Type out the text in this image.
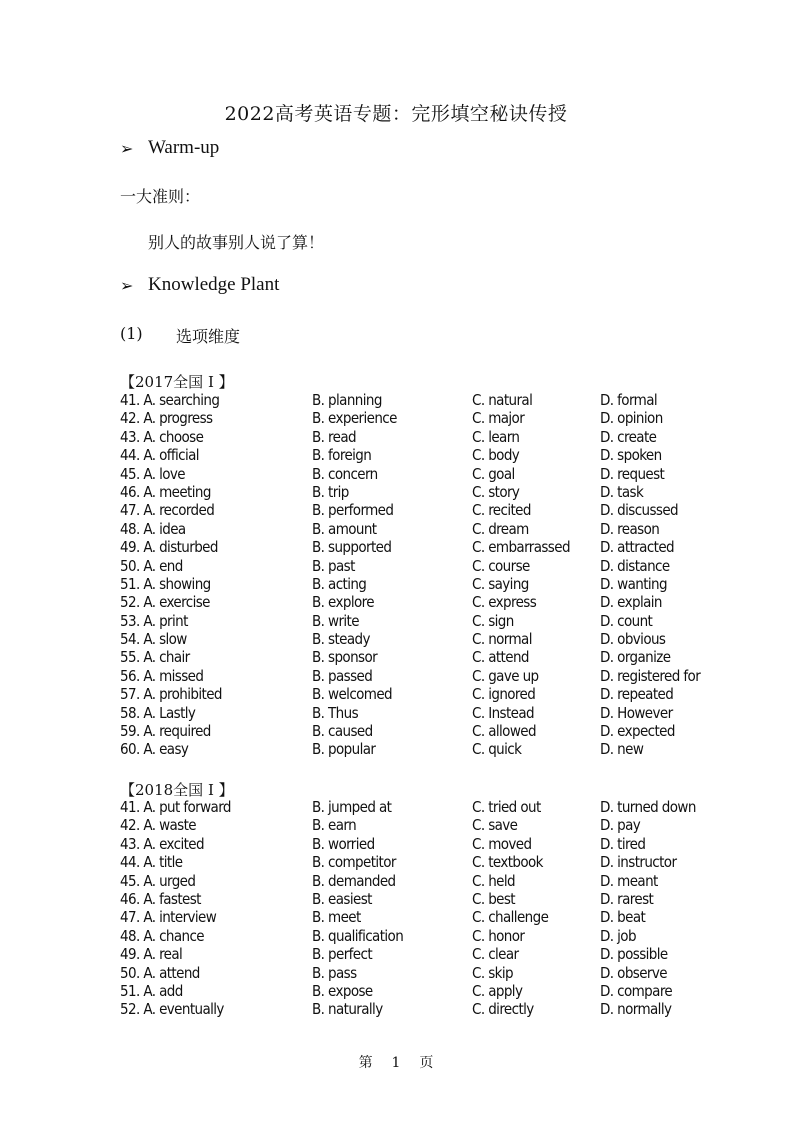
2022高考英语专题：完形填空秘诀传授
➢ Warm-up
一大准则：
别人的故事别人说了算！
➢ Knowledge Plant
(1) 选项维度
【2017全国 I 】
41. A. searching	B. planning	C. natural	D. formal
42. A. progress	B. experience	C. major	D. opinion
43. A. choose	B. read	C. learn	D. create
44. A. official	B. foreign	C. body	D. spoken
45. A. love	B. concern	C. goal	D. request
46. A. meeting	B. trip	C. story	D. task
47. A. recorded	B. performed	C. recited	D. discussed
48. A. idea	B. amount	C. dream	D. reason
49. A. disturbed	B. supported	C. embarrassed D. attracted
50. A. end	B. past	C. course	D. distance
51. A. showing	B. acting	C. saying	D. wanting
52. A. exercise	B. explore	C. express	D. explain
53. A. print	B. write	C. sign	D. count
54. A. slow	B. steady	C. normal	D. obvious
55. A. chair	B. sponsor	C. attend	D. organize
56. A. missed	B. passed	C. gave up	D. registered for
57. A. prohibited	B. welcomed	C. ignored	D. repeated
58. A. Lastly	B. Thus	C. Instead	D. However
59. A. required	B. caused	C. allowed	D. expected
60. A. easy	B. popular	C. quick	D. new
【2018全国 I 】
41. A. put forward	B. jumped at	C. tried out	D. turned down
42. A. waste	B. earn	C. save	D. pay
43. A. excited	B. worried	C. moved	D. tired
44. A. title	B. competitor	C. textbook	D. instructor
45. A. urged	B. demanded	C. held	D. meant
46. A. fastest	B. easiest	C. best	D. rarest
47. A. interview	B. meet	C. challenge	D. beat
48. A. chance	B. qualification	C. honor	D. job
49. A. real	B. perfect	C. clear	D. possible
50. A. attend	B. pass	C. skip	D. observe
51. A. add	B. expose	C. apply	D. compare
52. A. eventually	B. naturally	C. directly	D. normally
第 1 页
